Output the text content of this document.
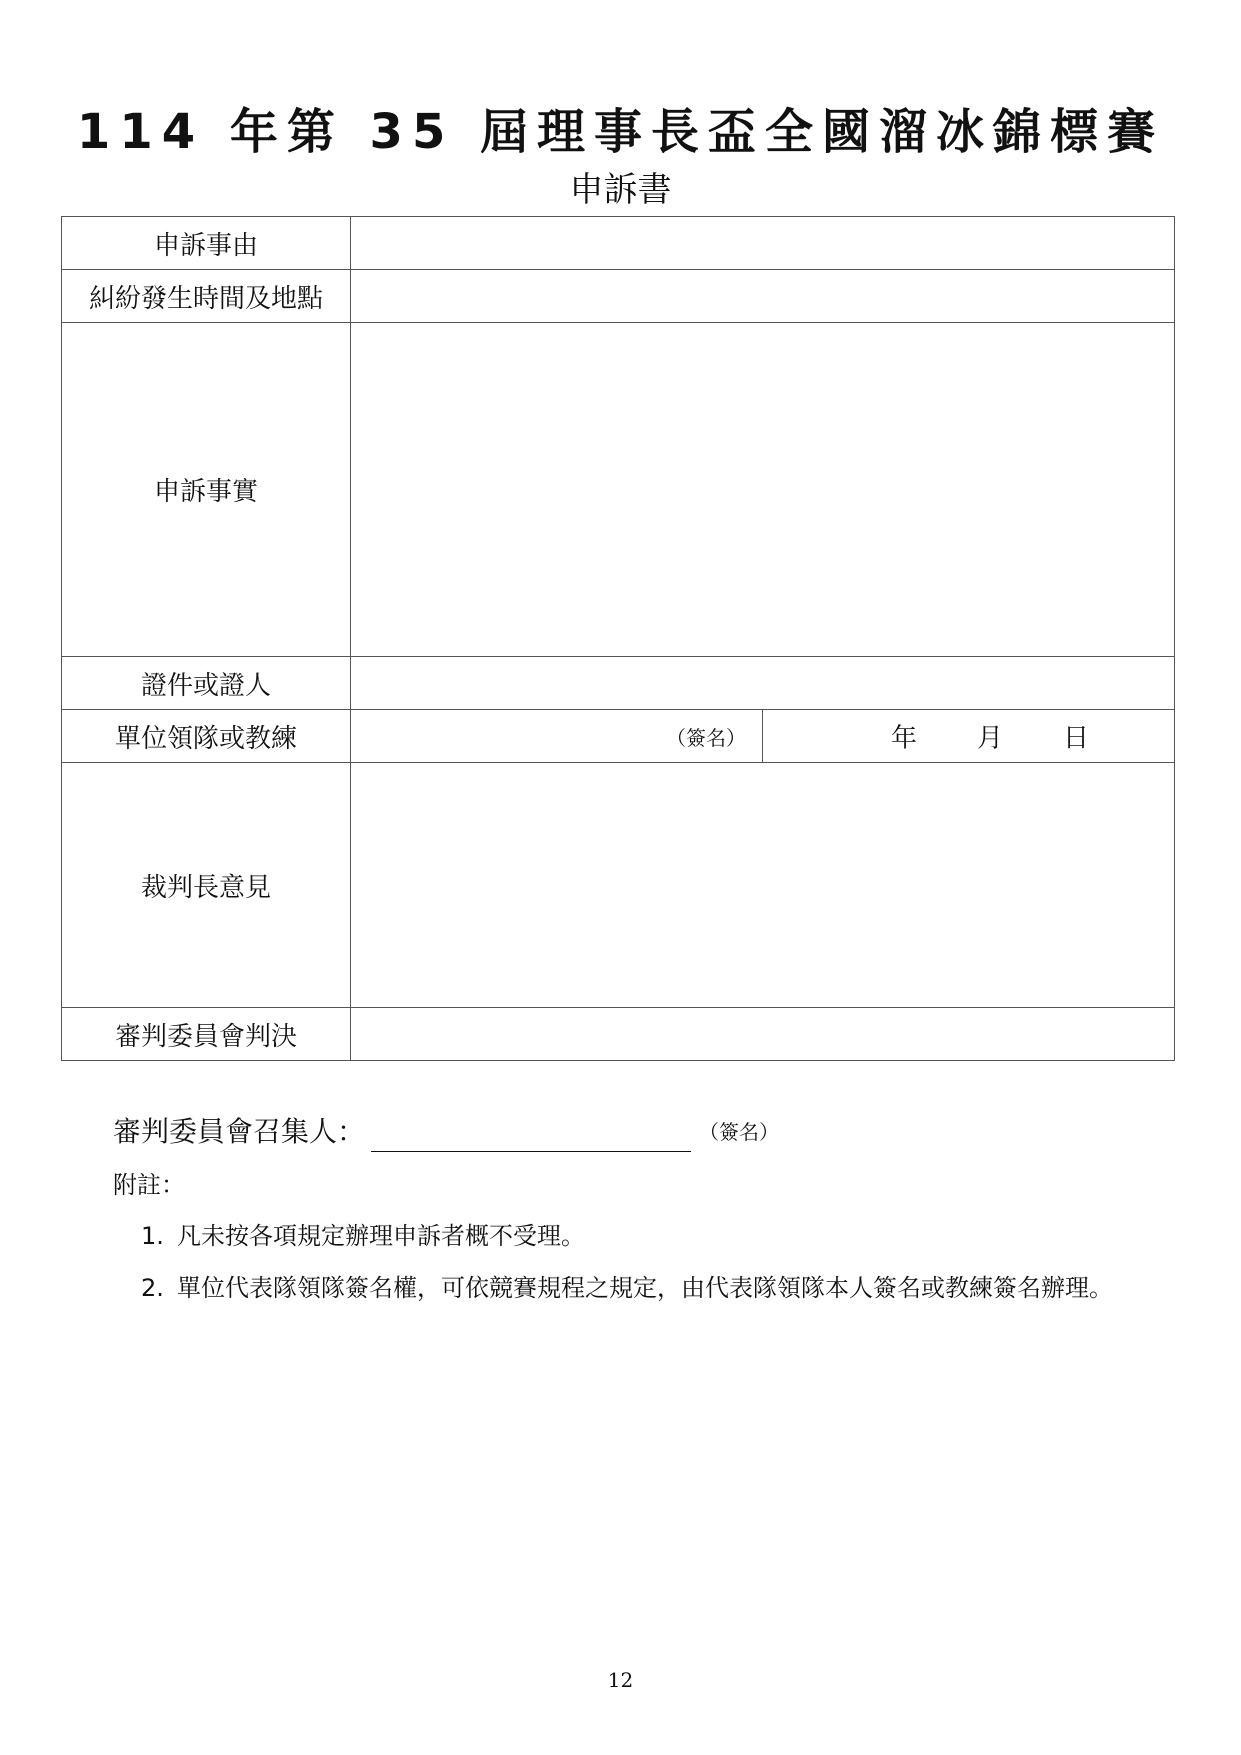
114 年第 35 屆理事長盃全國溜冰錦標賽
申訴書
申訴事由		
糾紛發生時間及地點		
申訴事實		
證件或證人		
單位領隊或教練	（簽名）	年 月 日

裁判長意見		
審判委員會判決		
審判委員會召集人：	（簽名）
附註：
1. 凡未按各項規定辦理申訴者概不受理。
2. 單位代表隊領隊簽名權，可依競賽規程之規定，由代表隊領隊本人簽名或教練簽名辦理。
12
